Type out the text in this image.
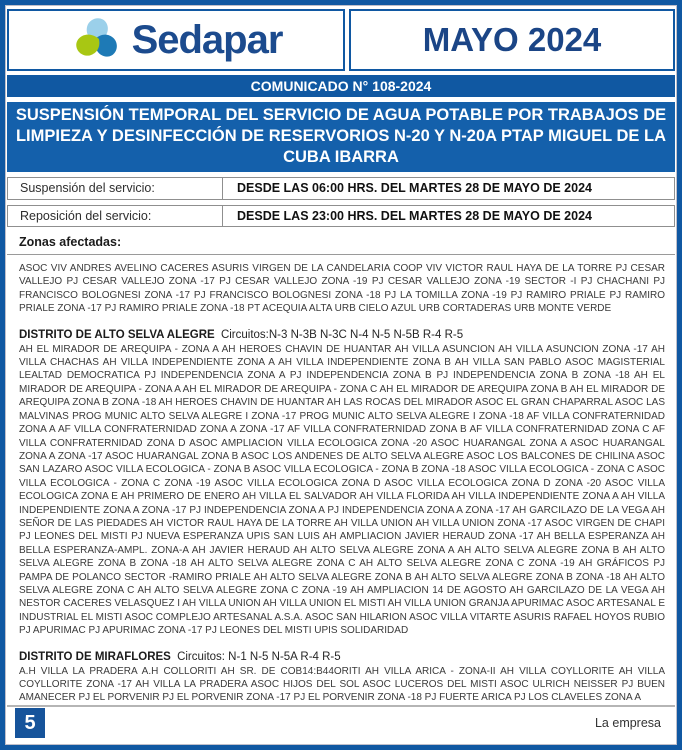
Sedapar	MAYO 2024
COMUNICADO N° 108-2024
SUSPENSIÓN TEMPORAL DEL SERVICIO DE AGUA POTABLE POR TRABAJOS DE LIMPIEZA Y DESINFECCIÓN DE RESERVORIOS N-20 Y N-20A PTAP MIGUEL DE LA CUBA IBARRA
Suspensión del servicio:	DESDE LAS 06:00 HRS. DEL MARTES 28 DE MAYO DE 2024
Reposición del servicio:	DESDE LAS 23:00 HRS. DEL MARTES 28 DE MAYO DE 2024
Zonas afectadas:

ASOC VIV ANDRES AVELINO CACERES ASURIS VIRGEN DE LA CANDELARIA COOP VIV VICTOR RAUL HAYA DE LA TORRE PJ CESAR VALLEJO PJ CESAR VALLEJO ZONA -17 PJ CESAR VALLEJO ZONA -19 PJ CESAR VALLEJO ZONA -19 SECTOR -I PJ CHACHANI PJ FRANCISCO BOLOGNESI ZONA -17 PJ FRANCISCO BOLOGNESI ZONA -18 PJ LA TOMILLA ZONA -19 PJ RAMIRO PRIALE PJ RAMIRO PRIALE ZONA -17 PJ RAMIRO PRIALE ZONA -18 PT ACEQUIA ALTA URB CIELO AZUL URB CORTADERAS URB MONTE VERDE

DISTRITO DE ALTO SELVA ALEGRE Circuitos:N-3 N-3B N-3C N-4 N-5 N-5B R-4 R-5

AH EL MIRADOR DE AREQUIPA - ZONA A AH HEROES CHAVIN DE HUANTAR AH VILLA ASUNCION AH VILLA ASUNCION ZONA -17 AH VILLA CHACHAS AH VILLA INDEPENDIENTE ZONA A AH VILLA INDEPENDIENTE ZONA B AH VILLA SAN PABLO ASOC MAGISTERIAL LEALTAD DEMOCRATICA PJ INDEPENDENCIA ZONA A PJ INDEPENDENCIA ZONA B PJ INDEPENDENCIA ZONA B ZONA -18 AH EL MIRADOR DE AREQUIPA - ZONA A AH EL MIRADOR DE AREQUIPA - ZONA C AH EL MIRADOR DE AREQUIPA ZONA B AH EL MIRADOR DE AREQUIPA ZONA B ZONA -18 AH HEROES CHAVIN DE HUANTAR AH LAS ROCAS DEL MIRADOR ASOC EL GRAN CHAPARRAL ASOC LAS MALVINAS PROG MUNIC ALTO SELVA ALEGRE I ZONA -17 PROG MUNIC ALTO SELVA ALEGRE I ZONA -18 AF VILLA CONFRATERNIDAD ZONA A AF VILLA CONFRATERNIDAD ZONA A ZONA -17 AF VILLA CONFRATERNIDAD ZONA B AF VILLA CONFRATERNIDAD ZONA C AF VILLA CONFRATERNIDAD ZONA D ASOC AMPLIACION VILLA ECOLOGICA ZONA -20 ASOC HUARANGAL ZONA A ASOC HUARANGAL ZONA A ZONA -17 ASOC HUARANGAL ZONA B ASOC LOS ANDENES DE ALTO SELVA ALEGRE ASOC LOS BALCONES DE CHILINA ASOC SAN LAZARO ASOC VILLA ECOLOGICA - ZONA B ASOC VILLA ECOLOGICA - ZONA B ZONA -18 ASOC VILLA ECOLOGICA - ZONA C ASOC VILLA ECOLOGICA - ZONA C ZONA -19 ASOC VILLA ECOLOGICA ZONA D ASOC VILLA ECOLOGICA ZONA D ZONA -20 ASOC VILLA ECOLOGICA ZONA E AH PRIMERO DE ENERO AH VILLA EL SALVADOR AH VILLA FLORIDA AH VILLA INDEPENDIENTE ZONA A AH VILLA INDEPENDIENTE ZONA A ZONA -17 PJ INDEPENDENCIA ZONA A PJ INDEPENDENCIA ZONA A ZONA -17 AH GARCILAZO DE LA VEGA AH SEÑOR DE LAS PIEDADES AH VICTOR RAUL HAYA DE LA TORRE AH VILLA UNION AH VILLA UNION ZONA -17 ASOC VIRGEN DE CHAPI PJ LEONES DEL MISTI PJ NUEVA ESPERANZA UPIS SAN LUIS AH AMPLIACION JAVIER HERAUD ZONA -17 AH BELLA ESPERANZA AH BELLA ESPERANZA-AMPL. ZONA-A AH JAVIER HERAUD AH ALTO SELVA ALEGRE ZONA A AH ALTO SELVA ALEGRE ZONA B AH ALTO SELVA ALEGRE ZONA B ZONA -18 AH ALTO SELVA ALEGRE ZONA C AH ALTO SELVA ALEGRE ZONA C ZONA -19 AH GRÁFICOS PJ PAMPA DE POLANCO SECTOR -RAMIRO PRIALE AH ALTO SELVA ALEGRE ZONA B AH ALTO SELVA ALEGRE ZONA B ZONA -18 AH ALTO SELVA ALEGRE ZONA C AH ALTO SELVA ALEGRE ZONA C ZONA -19 AH AMPLIACION 14 DE AGOSTO AH GARCILAZO DE LA VEGA AH NESTOR CACERES VELASQUEZ I AH VILLA UNION AH VILLA UNION EL MISTI AH VILLA UNION GRANJA APURIMAC ASOC ARTESANAL E INDUSTRIAL EL MISTI ASOC COMPLEJO ARTESANAL A.S.A. ASOC SAN HILARION ASOC VILLA VITARTE ASURIS RAFAEL HOYOS RUBIO PJ APURIMAC PJ APURIMAC ZONA -17 PJ LEONES DEL MISTI UPIS SOLIDARIDAD

DISTRITO DE MIRAFLORES Circuitos: N-1 N-5 N-5A R-4 R-5

A.H VILLA LA PRADERA A.H COLLORITI AH SR. DE COB14:B44ORITI AH VILLA ARICA - ZONA-II AH VILLA COYLLORITE AH VILLA COYLLORITE ZONA -17 AH VILLA LA PRADERA ASOC HIJOS DEL SOL ASOC LUCEROS DEL MISTI ASOC ULRICH NEISSER PJ BUEN AMANECER PJ EL PORVENIR PJ EL PORVENIR ZONA -17 PJ EL PORVENIR ZONA -18 PJ FUERTE ARICA PJ LOS CLAVELES ZONA A

5	La empresa
